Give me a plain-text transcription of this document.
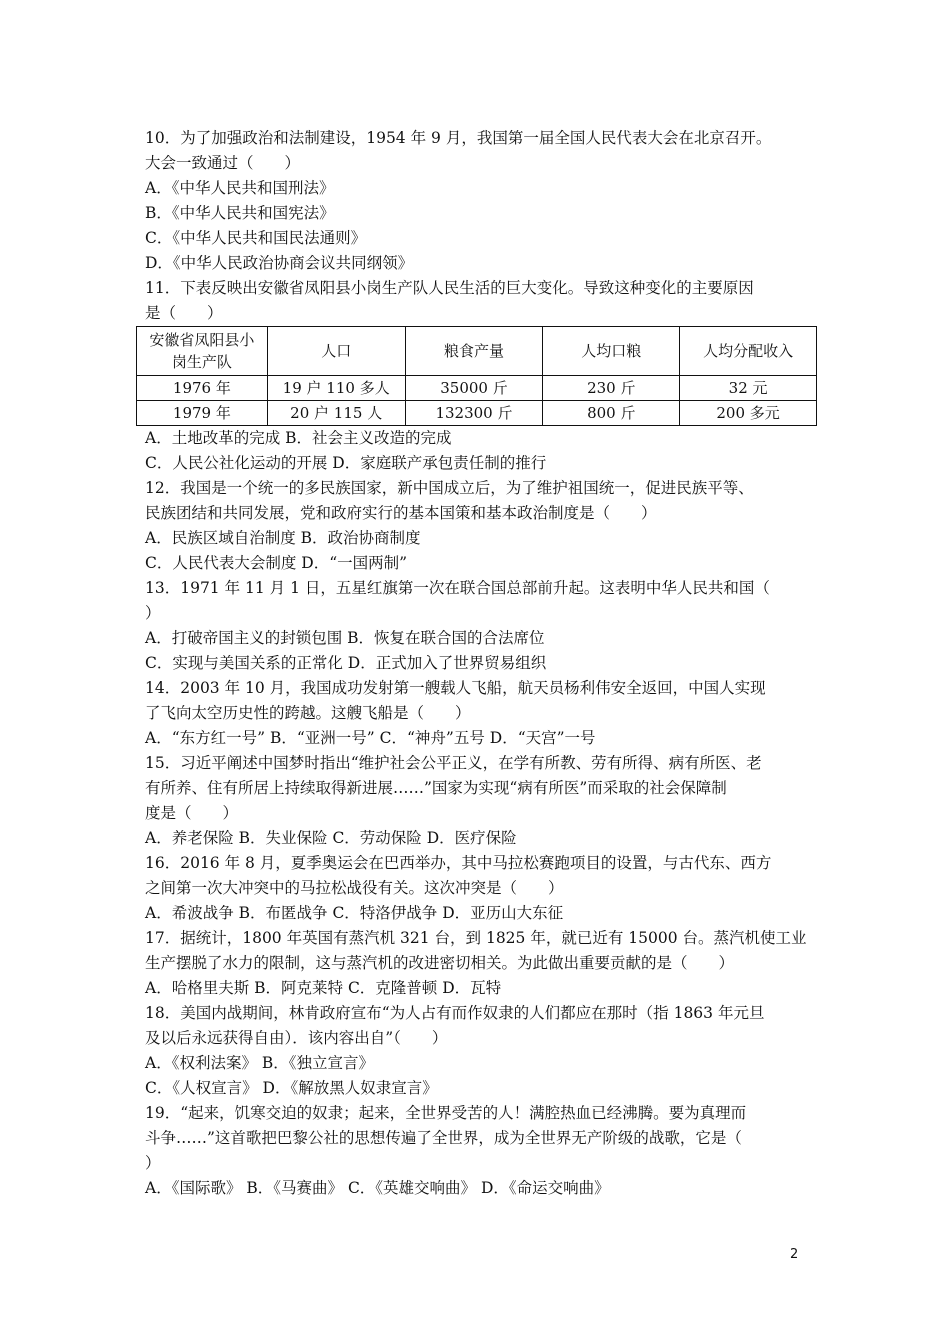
10．为了加强政治和法制建设，1954 年 9 月，我国第一届全国人民代表大会在北京召开。
大会一致通过（　　）
A．《中华人民共和国刑法》
B．《中华人民共和国宪法》
C．《中华人民共和国民法通则》
D．《中华人民政治协商会议共同纲领》
11．下表反映出安徽省凤阳县小岗生产队人民生活的巨大变化。导致这种变化的主要原因
是（　　）
安徽省凤阳县小
岗生产队	人口	粮食产量	人均口粮	人均分配收入
1976 年	19 户 110 多人	35000 斤	230 斤	32 元
1979 年	20 户 115 人	132300 斤	800 斤	200 多元
A．土地改革的完成 B．社会主义改造的完成
C．人民公社化运动的开展 D．家庭联产承包责任制的推行
12．我国是一个统一的多民族国家，新中国成立后，为了维护祖国统一，促进民族平等、
民族团结和共同发展，党和政府实行的基本国策和基本政治制度是（　　）
A．民族区域自治制度 B．政治协商制度
C．人民代表大会制度 D．“一国两制”
13．1971 年 11 月 1 日，五星红旗第一次在联合国总部前升起。这表明中华人民共和国（
）
A．打破帝国主义的封锁包围 B．恢复在联合国的合法席位
C．实现与美国关系的正常化 D．正式加入了世界贸易组织
14．2003 年 10 月，我国成功发射第一艘载人飞船，航天员杨利伟安全返回，中国人实现
了飞向太空历史性的跨越。这艘飞船是（　　）
A．“东方红一号” B．“亚洲一号” C．“神舟”五号 D．“天宫”一号
15．习近平阐述中国梦时指出“维护社会公平正义，在学有所教、劳有所得、病有所医、老
有所养、住有所居上持续取得新进展……”国家为实现“病有所医”而采取的社会保障制
度是（　　）
A．养老保险 B．失业保险 C．劳动保险 D．医疗保险
16．2016 年 8 月，夏季奥运会在巴西举办，其中马拉松赛跑项目的设置，与古代东、西方
之间第一次大冲突中的马拉松战役有关。这次冲突是（　　）
A．希波战争 B．布匿战争 C．特洛伊战争 D．亚历山大东征
17．据统计，1800 年英国有蒸汽机 321 台，到 1825 年，就已近有 15000 台。蒸汽机使工业
生产摆脱了水力的限制，这与蒸汽机的改进密切相关。为此做出重要贡献的是（　　）
A．哈格里夫斯 B．阿克莱特 C．克隆普顿 D．瓦特
18．美国内战期间，林肯政府宣布“为人占有而作奴隶的人们都应在那时（指 1863 年元旦
及以后永远获得自由）．该内容出自”（　　）
A．《权利法案》 B．《独立宣言》
C．《人权宣言》 D．《解放黑人奴隶宣言》
19．“起来，饥寒交迫的奴隶；起来，全世界受苦的人！满腔热血已经沸腾。要为真理而
斗争……”这首歌把巴黎公社的思想传遍了全世界，成为全世界无产阶级的战歌，它是（
）
A．《国际歌》 B．《马赛曲》 C．《英雄交响曲》 D．《命运交响曲》
2
